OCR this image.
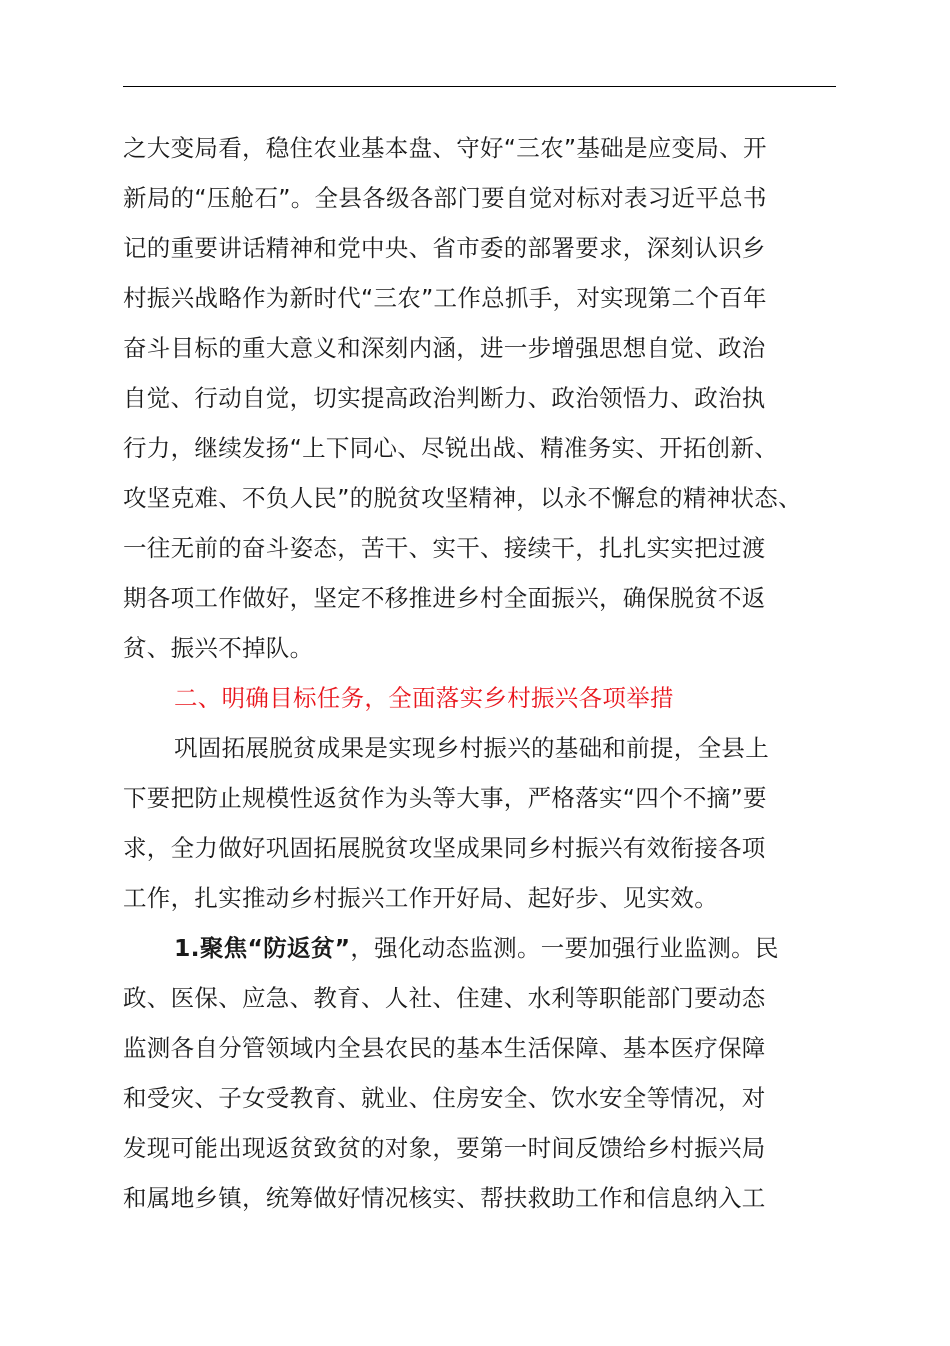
之大变局看，稳住农业基本盘、守好“三农”基础是应变局、开
新局的“压舱石”。全县各级各部门要自觉对标对表习近平总书
记的重要讲话精神和党中央、省市委的部署要求，深刻认识乡
村振兴战略作为新时代“三农”工作总抓手，对实现第二个百年
奋斗目标的重大意义和深刻内涵，进一步增强思想自觉、政治
自觉、行动自觉，切实提高政治判断力、政治领悟力、政治执
行力，继续发扬“上下同心、尽锐出战、精准务实、开拓创新、
攻坚克难、不负人民”的脱贫攻坚精神，以永不懈怠的精神状态、
一往无前的奋斗姿态，苦干、实干、接续干，扎扎实实把过渡
期各项工作做好，坚定不移推进乡村全面振兴，确保脱贫不返
贫、振兴不掉队。
二、明确目标任务，全面落实乡村振兴各项举措
巩固拓展脱贫成果是实现乡村振兴的基础和前提，全县上
下要把防止规模性返贫作为头等大事，严格落实“四个不摘”要
求，全力做好巩固拓展脱贫攻坚成果同乡村振兴有效衔接各项
工作，扎实推动乡村振兴工作开好局、起好步、见实效。
1.聚焦“防返贫”，强化动态监测。一要加强行业监测。民
政、医保、应急、教育、人社、住建、水利等职能部门要动态
监测各自分管领域内全县农民的基本生活保障、基本医疗保障
和受灾、子女受教育、就业、住房安全、饮水安全等情况，对
发现可能出现返贫致贫的对象，要第一时间反馈给乡村振兴局
和属地乡镇，统筹做好情况核实、帮扶救助工作和信息纳入工
